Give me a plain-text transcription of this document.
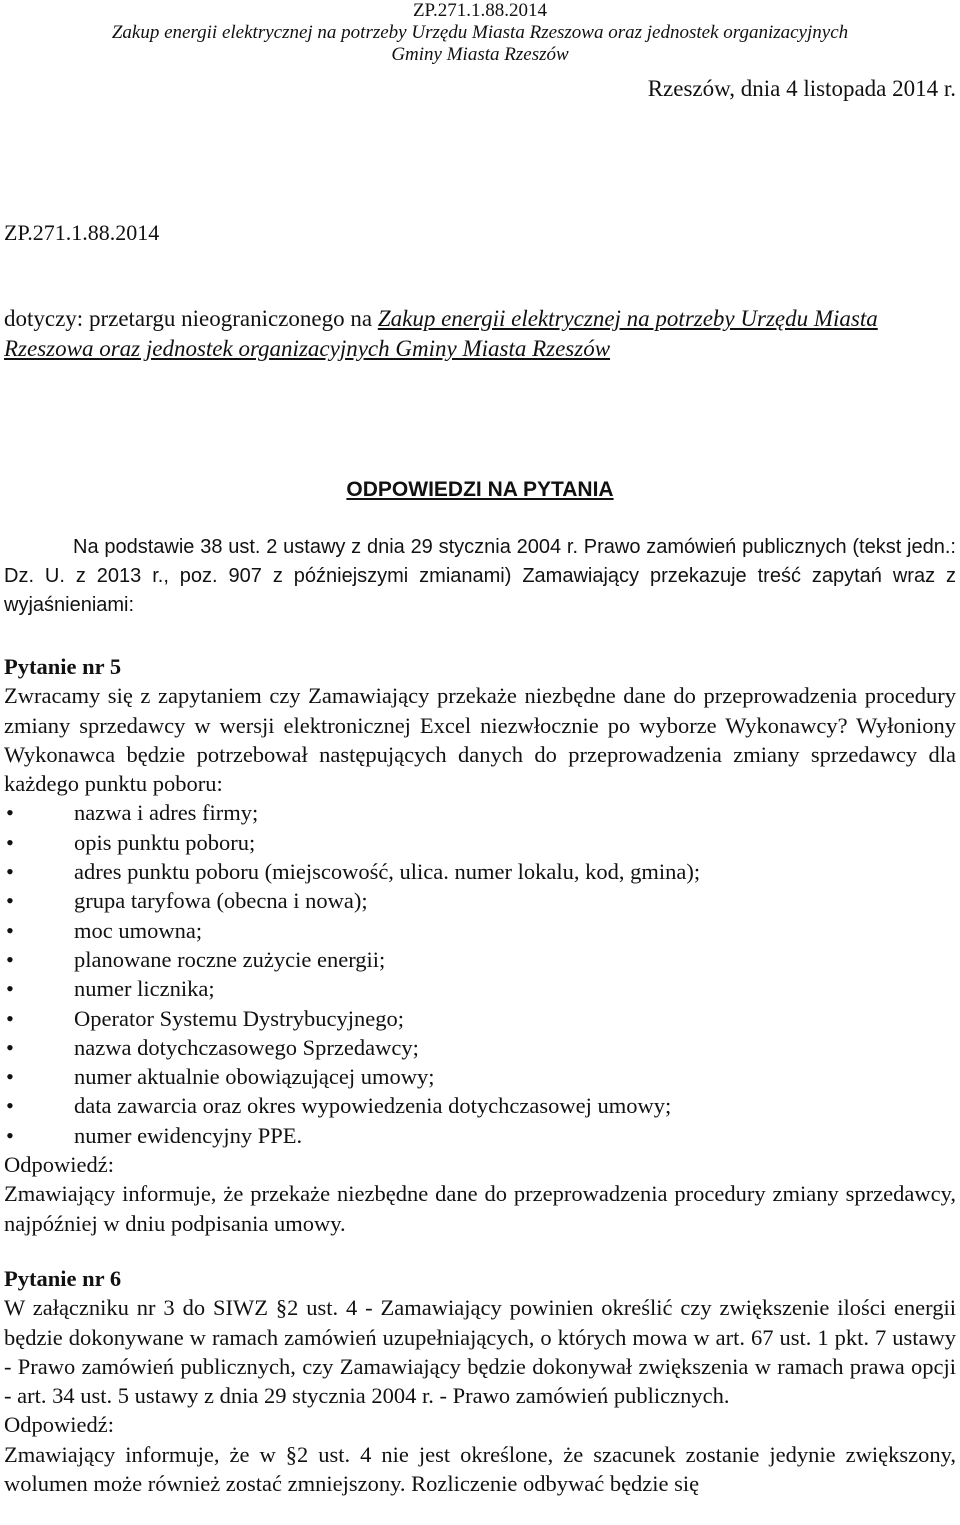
ZP.271.1.88.2014
Zakup energii elektrycznej na potrzeby Urzędu Miasta Rzeszowa oraz jednostek organizacyjnych
Gminy Miasta Rzeszów
Rzeszów, dnia 4 listopada 2014 r.
ZP.271.1.88.2014
dotyczy: przetargu nieograniczonego na Zakup energii elektrycznej na potrzeby Urzędu Miasta Rzeszowa oraz jednostek organizacyjnych Gminy Miasta Rzeszów
ODPOWIEDZI NA PYTANIA
Na podstawie 38 ust. 2 ustawy z dnia 29 stycznia 2004 r. Prawo zamówień publicznych (tekst jedn.: Dz. U. z 2013 r., poz. 907 z późniejszymi zmianami) Zamawiający przekazuje treść zapytań wraz z wyjaśnieniami:

Pytanie nr 5

Zwracamy się z zapytaniem czy Zamawiający przekaże niezbędne dane do przeprowadzenia procedury zmiany sprzedawcy w wersji elektronicznej Excel niezwłocznie po wyborze Wykonawcy? Wyłoniony Wykonawca będzie potrzebował następujących danych do przeprowadzenia zmiany sprzedawcy dla każdego punktu poboru:

• nazwa i adres firmy;
• opis punktu poboru;
• adres punktu poboru (miejscowość, ulica. numer lokalu, kod, gmina);
• grupa taryfowa (obecna i nowa);
• moc umowna;
• planowane roczne zużycie energii;
• numer licznika;
• Operator Systemu Dystrybucyjnego;
• nazwa dotychczasowego Sprzedawcy;
• numer aktualnie obowiązującej umowy;
• data zawarcia oraz okres wypowiedzenia dotychczasowej umowy;
• numer ewidencyjny PPE.

Odpowiedź:

Zmawiający informuje, że przekaże niezbędne dane do przeprowadzenia procedury zmiany sprzedawcy, najpóźniej w dniu podpisania umowy.

Pytanie nr 6

W załączniku nr 3 do SIWZ §2 ust. 4 - Zamawiający powinien określić czy zwiększenie ilości energii będzie dokonywane w ramach zamówień uzupełniających, o których mowa w art. 67 ust. 1 pkt. 7 ustawy - Prawo zamówień publicznych, czy Zamawiający będzie dokonywał zwiększenia w ramach prawa opcji - art. 34 ust. 5 ustawy z dnia 29 stycznia 2004 r. - Prawo zamówień publicznych.

Odpowiedź:

Zmawiający informuje, że w §2 ust. 4 nie jest określone, że szacunek zostanie jedynie zwiększony, wolumen może również zostać zmniejszony. Rozliczenie odbywać będzie się
